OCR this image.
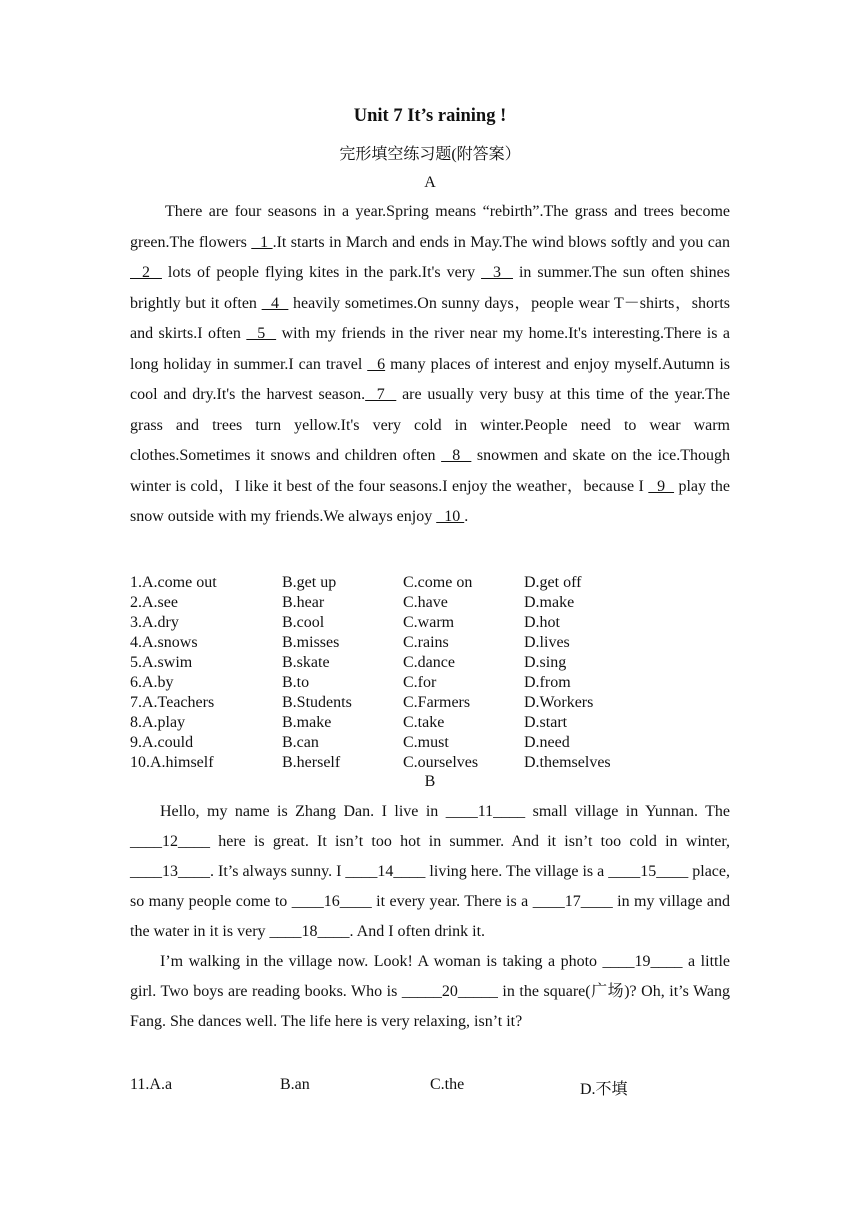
Unit 7 It’s raining !
完形填空练习题(附答案）
A

There are four seasons in a year.Spring means “rebirth”.The grass and trees become green.The flowers   1 .It starts in March and ends in May.The wind blows softly and you can   2   lots of people flying kites in the park.It's very   3   in summer.The sun often shines brightly but it often   4   heavily sometimes.On sunny days，people wear T－shirts，shorts and skirts.I often   5   with my friends in the river near my home.It's interesting.There is a long holiday in summer.I can travel   6 many places of interest and enjoy myself.Autumn is cool and dry.It's the harvest season.  7   are usually very busy at this time of the year.The grass and trees turn yellow.It's very cold in winter.People need to wear warm clothes.Sometimes it snows and children often   8   snowmen and skate on the ice.Though winter is cold，I like it best of the four seasons.I enjoy the weather，because I   9   play the snow outside with my friends.We always enjoy   10 .

1.A.come out	B.get up	C.come on	D.get off
2.A.see	B.hear	C.have	D.make
3.A.dry	B.cool	C.warm	D.hot
4.A.snows	B.misses	C.rains	D.lives
5.A.swim	B.skate	C.dance	D.sing
6.A.by	B.to	C.for	D.from
7.A.Teachers	B.Students	C.Farmers	D.Workers
8.A.play	B.make	C.take	D.start
9.A.could	B.can	C.must	D.need
10.A.himself	B.herself	C.ourselves	D.themselves
B

Hello, my name is Zhang Dan. I live in ____11____ small village in Yunnan. The ____12____ here is great. It isn’t too hot in summer. And it isn’t too cold in winter, ____13____. It’s always sunny. I ____14____ living here. The village is a ____15____ place, so many people come to ____16____ it every year. There is a ____17____ in my village and the water in it is very ____18____. And I often drink it.

I’m walking in the village now. Look! A woman is taking a photo ____19____ a little girl. Two boys are reading books. Who is _____20_____ in the square(广场)? Oh, it’s Wang Fang. She dances well. The life here is very relaxing, isn’t it?

11.A.a	B.an	C.the	D.不填
